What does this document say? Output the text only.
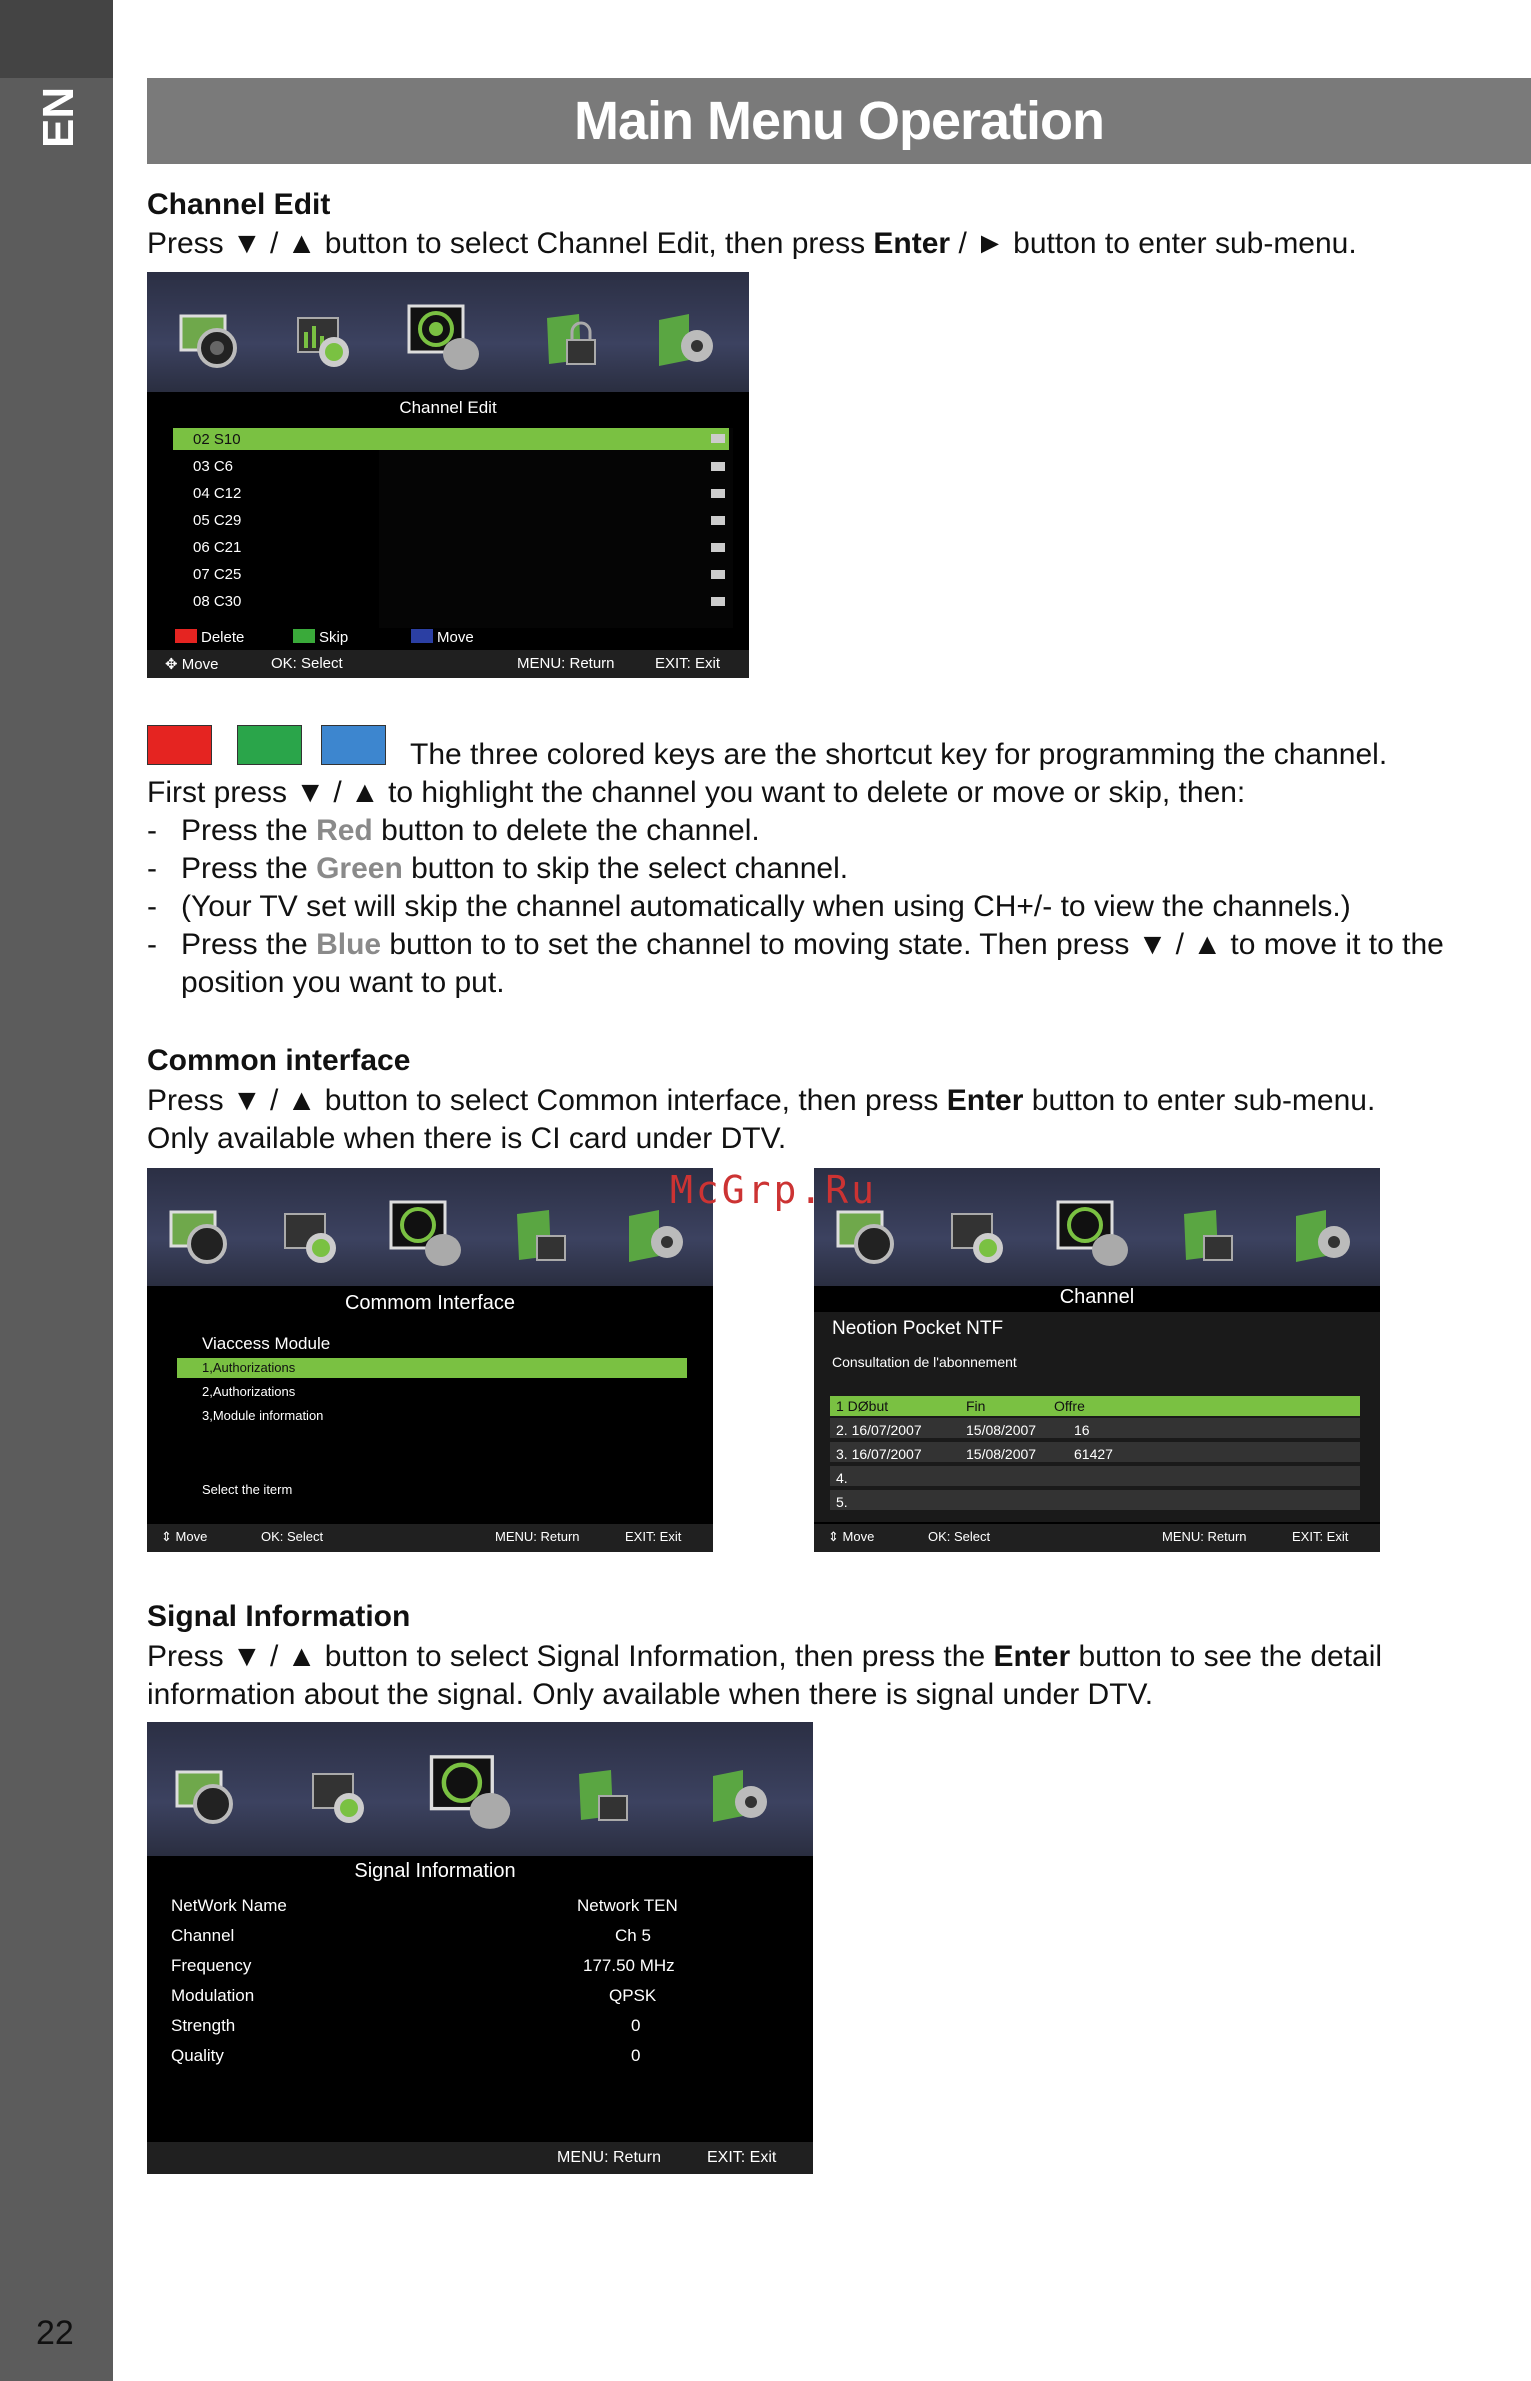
EN
22
Main Menu Operation
Channel Edit
Press ▼ / ▲ button to select Channel Edit, then press Enter / ► button to enter sub-menu.
Channel Edit
02 S10
03 C6
04 C12
05 C29
06 C21
07 C25
08 C30
Delete	Skip	Move
✥ Move	OK: Select	MENU: Return	EXIT: Exit
The three colored keys are the shortcut key for programming the channel.
First press ▼ / ▲ to highlight the channel you want to delete or move or skip, then:
- Press the Red button to delete the channel.
- Press the Green button to skip the select channel.
- (Your TV set will skip the channel automatically when using CH+/- to view the channels.)
- Press the Blue button to to set the channel to moving state. Then press ▼ / ▲ to move it to the
position you want to put.
Common interface
Press ▼ / ▲ button to select Common interface, then press Enter button to enter sub-menu.
Only available when there is CI card under DTV.
Commom Interface
Viaccess Module
1,Authorizations
2,Authorizations
3,Module information
Select the iterm
⇕ Move	OK: Select	MENU: Return	EXIT: Exit
Channel
Neotion Pocket NTF
Consultation de l'abonnement
1 DØbut	Fin	Offre
2. 16/07/2007	15/08/2007	16
3. 16/07/2007	15/08/2007	61427
4.
5.
⇕ Move	OK: Select	MENU: Return	EXIT: Exit
McGrp.Ru
Signal Information
Press ▼ / ▲ button to select Signal Information, then press the Enter button to see the detail
information about the signal. Only available when there is signal under DTV.
Signal Information
NetWork Name	Network TEN
Channel	Ch 5
Frequency	177.50 MHz
Modulation	QPSK
Strength	0
Quality	0
MENU: Return	EXIT: Exit
